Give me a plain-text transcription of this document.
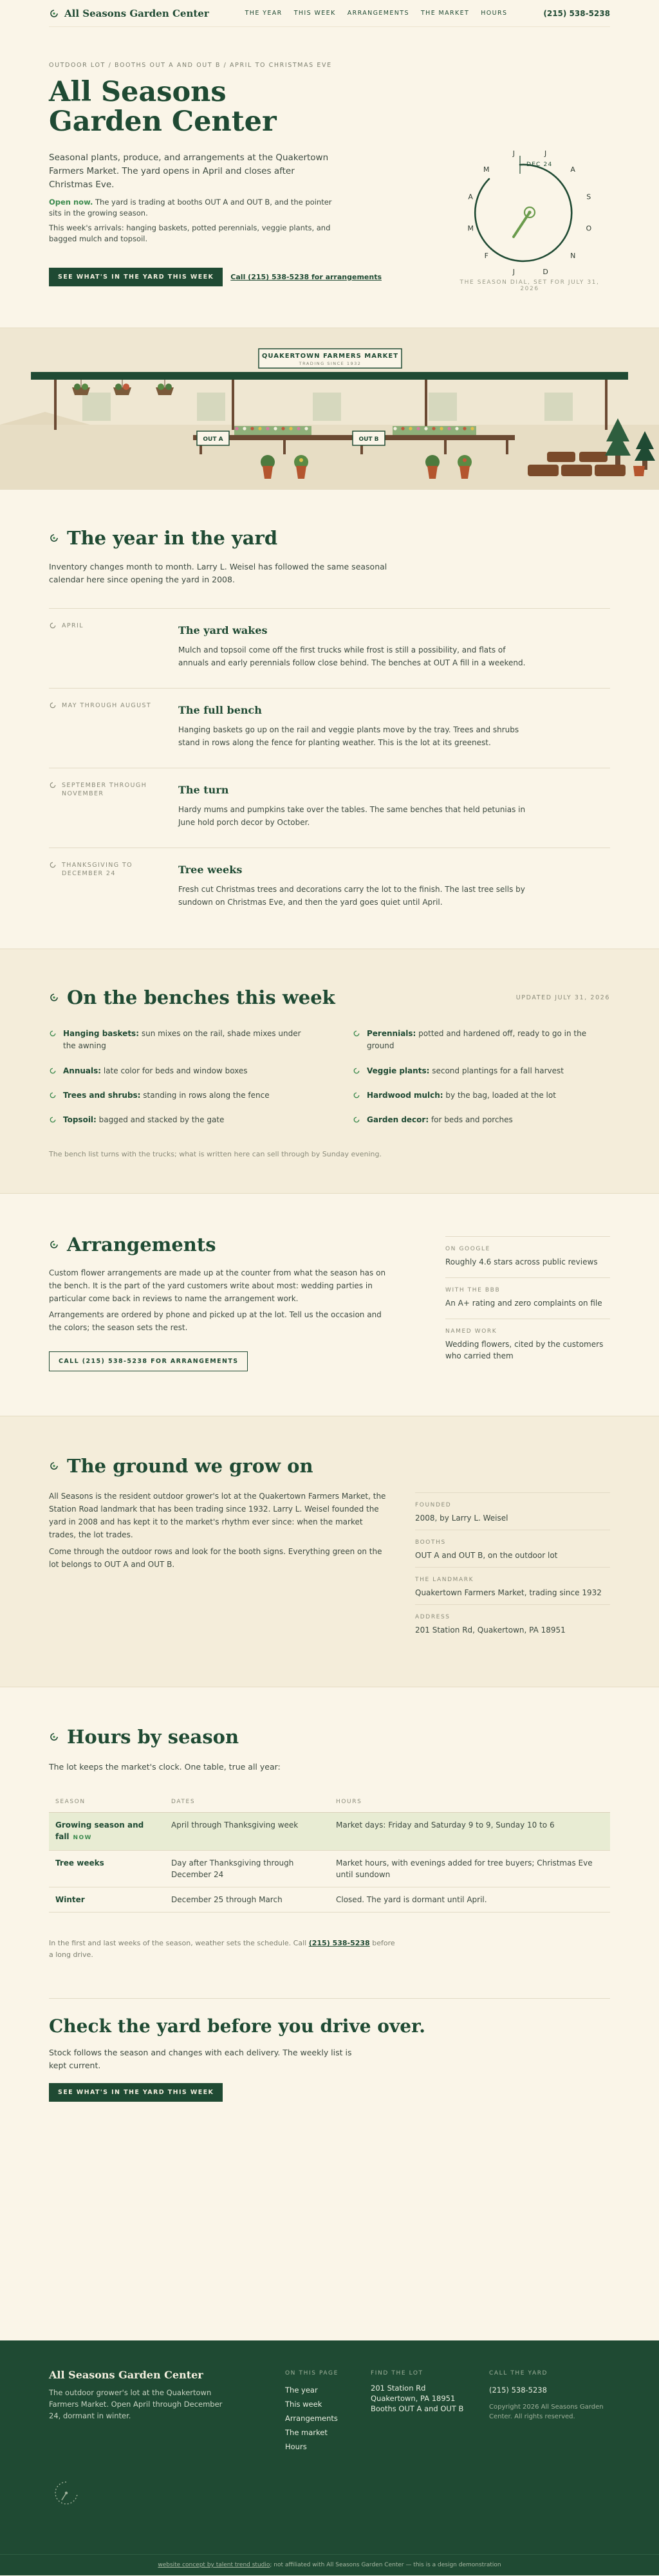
All Seasons Garden Center	THE YEAR THIS WEEK ARRANGEMENTS THE MARKET HOURS	(215) 538-5238
OUTDOOR LOT / BOOTHS OUT A AND OUT B / APRIL TO CHRISTMAS EVE
All Seasons Garden Center

Seasonal plants, produce, and arrangements at the Quakertown Farmers Market. The yard opens in April and closes after Christmas Eve.

Open now. The yard is trading at booths OUT A and OUT B, and the pointer sits in the growing season.

This week's arrivals: hanging baskets, potted perennials, veggie plants, and bagged mulch and topsoil.

SEE WHAT'S IN THE YARD THIS WEEK	Call (215) 538-5238 for arrangements
DEC 24
J
F
M
A
M
J	J
A
S
O
N
D
THE SEASON DIAL, SET FOR JULY 31, 2026
QUAKERTOWN FARMERS MARKET
TRADING SINCE 1932
OUT A	OUT B
The year in the yard

Inventory changes month to month. Larry L. Weisel has followed the same seasonal calendar here since opening the yard in 2008.

APRIL	The yard wakes

Mulch and topsoil come off the first trucks while frost is still a possibility, and flats of annuals and early perennials follow close behind. The benches at OUT A fill in a weekend.

MAY THROUGH AUGUST	The full bench

Hanging baskets go up on the rail and veggie plants move by the tray. Trees and shrubs stand in rows along the fence for planting weather. This is the lot at its greenest.

SEPTEMBER THROUGH NOVEMBER	The turn

Hardy mums and pumpkins take over the tables. The same benches that held petunias in June hold porch decor by October.

THANKSGIVING TO DECEMBER 24	Tree weeks

Fresh cut Christmas trees and decorations carry the lot to the finish. The last tree sells by sundown on Christmas Eve, and then the yard goes quiet until April.

On the benches this week	UPDATED JULY 31, 2026
Hanging baskets: sun mixes on the rail, shade mixes under the awning
Perennials: potted and hardened off, ready to go in the ground
Annuals: late color for beds and window boxes	Veggie plants: second plantings for a fall harvest
Trees and shrubs: standing in rows along the fence	Hardwood mulch: by the bag, loaded at the lot
Topsoil: bagged and stacked by the gate	Garden decor: for beds and porches
The bench list turns with the trucks; what is written here can sell through by Sunday evening.
Arrangements

Custom flower arrangements are made up at the counter from what the season has on the bench. It is the part of the yard customers write about most: wedding parties in particular come back in reviews to name the arrangement work.

Arrangements are ordered by phone and picked up at the lot. Tell us the occasion and the colors; the season sets the rest.

CALL (215) 538-5238 FOR ARRANGEMENTS
ON GOOGLE
Roughly 4.6 stars across public reviews
WITH THE BBB
An A+ rating and zero complaints on file
NAMED WORK
Wedding flowers, cited by the customers who carried them
The ground we grow on

All Seasons is the resident outdoor grower's lot at the Quakertown Farmers Market, the Station Road landmark that has been trading since 1932. Larry L. Weisel founded the yard in 2008 and has kept it to the market's rhythm ever since: when the market trades, the lot trades.

Come through the outdoor rows and look for the booth signs. Everything green on the lot belongs to OUT A and OUT B.

FOUNDED
2008, by Larry L. Weisel
BOOTHS
OUT A and OUT B, on the outdoor lot
THE LANDMARK
Quakertown Farmers Market, trading since 1932
ADDRESS
201 Station Rd, Quakertown, PA 18951
Hours by season

The lot keeps the market's clock. One table, true all year:

SEASON	DATES	HOURS
Growing season and fall NOW	April through Thanksgiving week	Market days: Friday and Saturday 9 to 9, Sunday 10 to 6
Tree weeks	Day after Thanksgiving through December 24	Market hours, with evenings added for tree buyers; Christmas Eve until sundown
Winter	December 25 through March	Closed. The yard is dormant until April.

In the first and last weeks of the season, weather sets the schedule. Call (215) 538-5238 before a long drive.

Check the yard before you drive over.

Stock follows the season and changes with each delivery. The weekly list is kept current.

SEE WHAT'S IN THE YARD THIS WEEK
All Seasons Garden Center

The outdoor grower's lot at the Quakertown Farmers Market. Open April through December 24, dormant in winter.

ON THIS PAGE
The year
This week
Arrangements
The market
Hours
FIND THE LOT
201 Station Rd
Quakertown, PA 18951
Booths OUT A and OUT B
CALL THE YARD
(215) 538-5238
Copyright 2026 All Seasons Garden Center. All rights reserved.
website concept by talent trend studio; not affiliated with All Seasons Garden Center — this is a design demonstration
